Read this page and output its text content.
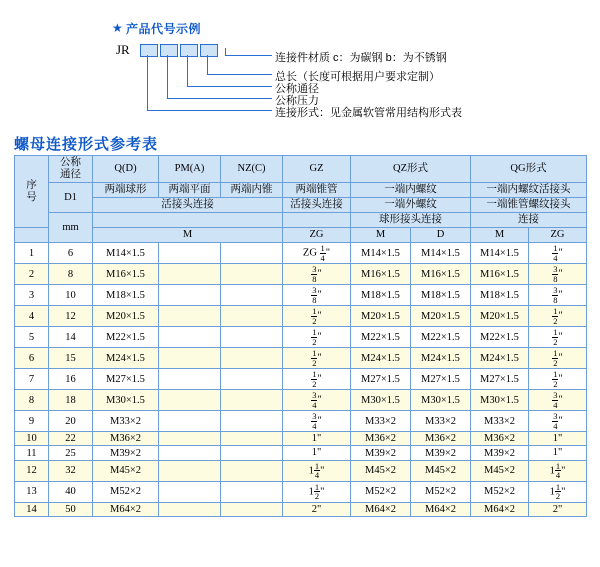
★ 产品代号示例
JR
连接件材质 c：为碳钢 b：为不锈钢
总长（长度可根据用户要求定制）
公称通径
公称压力
连接形式：见金属软管常用结构形式表
螺母连接形式参考表
序
号	公称
通径	Q(D)	PM(A)	NZ(C)	GZ	QZ形式		QG形式	
	D1	两端球形	两端平面	两端内锥	两端锥管	一端内螺纹		一端内螺纹活接头	
		活接头连接			活接头连接	一端外螺纹		一端锥管螺纹接头	
	mm					球形接头连接		连接	
		M			ZG	M	D	M	ZG
1	6	M14×1.5			ZG $\frac{1}{4}$ "	M14×1.5	M14×1.5	M14×1.5	$\frac{1}{4}$ "
2	8	M16×1.5			$\frac{3}{8}$ "	M16×1.5	M16×1.5	M16×1.5	$\frac{3}{8}$ "
3	10	M18×1.5			$\frac{3}{8}$ "	M18×1.5	M18×1.5	M18×1.5	$\frac{3}{8}$ "
4	12	M20×1.5			$\frac{1}{2}$ "	M20×1.5	M20×1.5	M20×1.5	$\frac{1}{2}$ "
5	14	M22×1.5			$\frac{1}{2}$ "	M22×1.5	M22×1.5	M22×1.5	$\frac{1}{2}$ "
6	15	M24×1.5			$\frac{1}{2}$ "	M24×1.5	M24×1.5	M24×1.5	$\frac{1}{2}$ "
7	16	M27×1.5			$\frac{1}{2}$ "	M27×1.5	M27×1.5	M27×1.5	$\frac{1}{2}$ "
8	18	M30×1.5			$\frac{3}{4}$ "	M30×1.5	M30×1.5	M30×1.5	$\frac{3}{4}$ "
9	20	M33×2			$\frac{3}{4}$ "	M33×2	M33×2	M33×2	$\frac{3}{4}$ "
10	22	M36×2			1"	M36×2	M36×2	M36×2	1"
11	25	M39×2			1"	M39×2	M39×2	M39×2	1"
12	32	M45×2			$1 \frac{1}{4}$ "	M45×2	M45×2	M45×2	$1 \frac{1}{4}$ "
13	40	M52×2			$1 \frac{1}{2}$ "	M52×2	M52×2	M52×2	$1 \frac{1}{2}$ "
14	50	M64×2			2"	M64×2	M64×2	M64×2	2"
